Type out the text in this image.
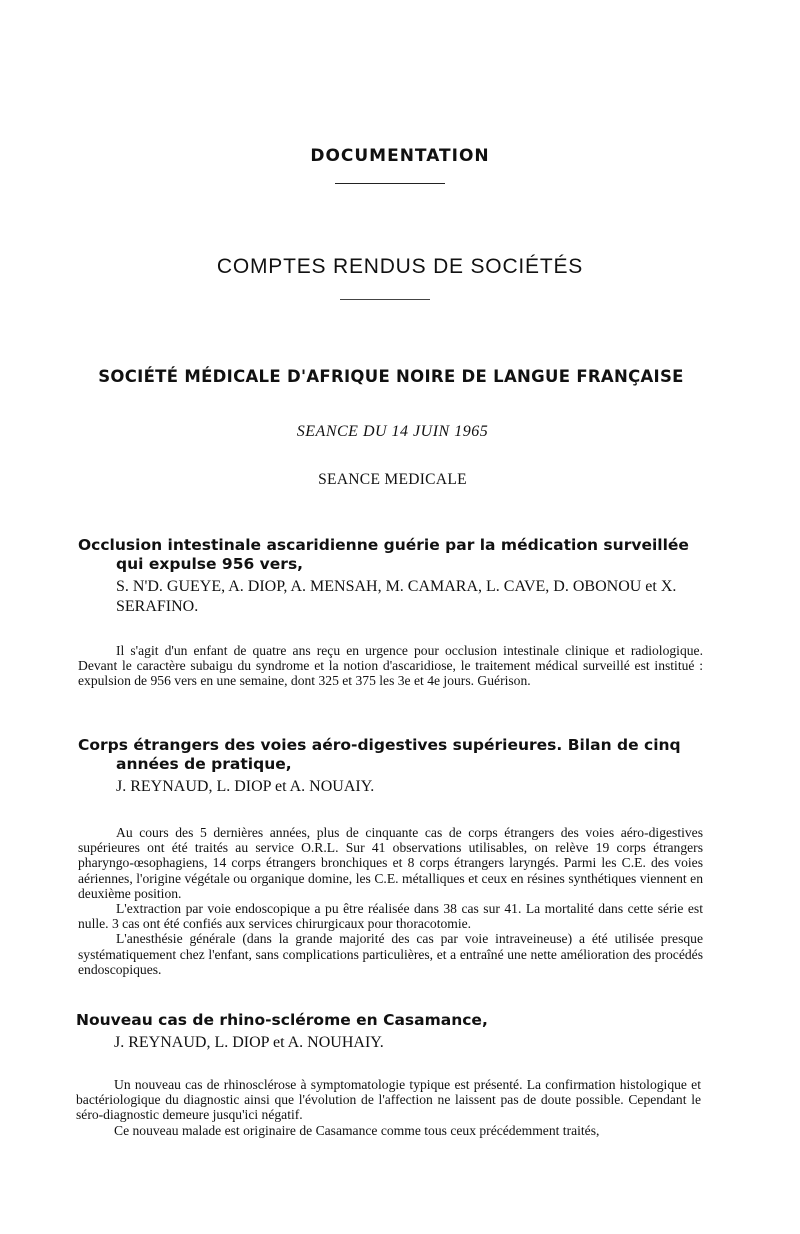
DOCUMENTATION
COMPTES RENDUS DE SOCIÉTÉS
SOCIÉTÉ MÉDICALE D'AFRIQUE NOIRE DE LANGUE FRANÇAISE
SEANCE DU 14 JUIN 1965
SEANCE MEDICALE

Occlusion intestinale ascaridienne guérie par la médication surveillée qui expulse 956 vers,

S. N'D. GUEYE, A. DIOP, A. MENSAH, M. CAMARA, L. CAVE, D. OBONOU et X. SERAFINO.

Il s'agit d'un enfant de quatre ans reçu en urgence pour occlusion intestinale clinique et radiologique. Devant le caractère subaigu du syndrome et la notion d'ascaridiose, le traitement médical surveillé est institué : expulsion de 956 vers en une semaine, dont 325 et 375 les 3e et 4e jours. Guérison.

Corps étrangers des voies aéro-digestives supérieures. Bilan de cinq années de pratique,

J. REYNAUD, L. DIOP et A. NOUAIY.

Au cours des 5 dernières années, plus de cinquante cas de corps étrangers des voies aéro-digestives supérieures ont été traités au service O.R.L. Sur 41 observations utilisables, on relève 19 corps étrangers pharyngo-œsophagiens, 14 corps étrangers bronchiques et 8 corps étrangers laryngés. Parmi les C.E. des voies aériennes, l'origine végétale ou organique domine, les C.E. métalliques et ceux en résines synthétiques viennent en deuxième position.

L'extraction par voie endoscopique a pu être réalisée dans 38 cas sur 41. La mortalité dans cette série est nulle. 3 cas ont été confiés aux services chirurgicaux pour thoracotomie.

L'anesthésie générale (dans la grande majorité des cas par voie intraveineuse) a été utilisée presque systématiquement chez l'enfant, sans complications particulières, et a entraîné une nette amélioration des procédés endoscopiques.

Nouveau cas de rhino-sclérome en Casamance,

J. REYNAUD, L. DIOP et A. NOUHAIY.

Un nouveau cas de rhinosclérose à symptomatologie typique est présenté. La confirmation histologique et bactériologique du diagnostic ainsi que l'évolution de l'affection ne laissent pas de doute possible. Cependant le séro-diagnostic demeure jusqu'ici négatif.

Ce nouveau malade est originaire de Casamance comme tous ceux précédemment traités,
